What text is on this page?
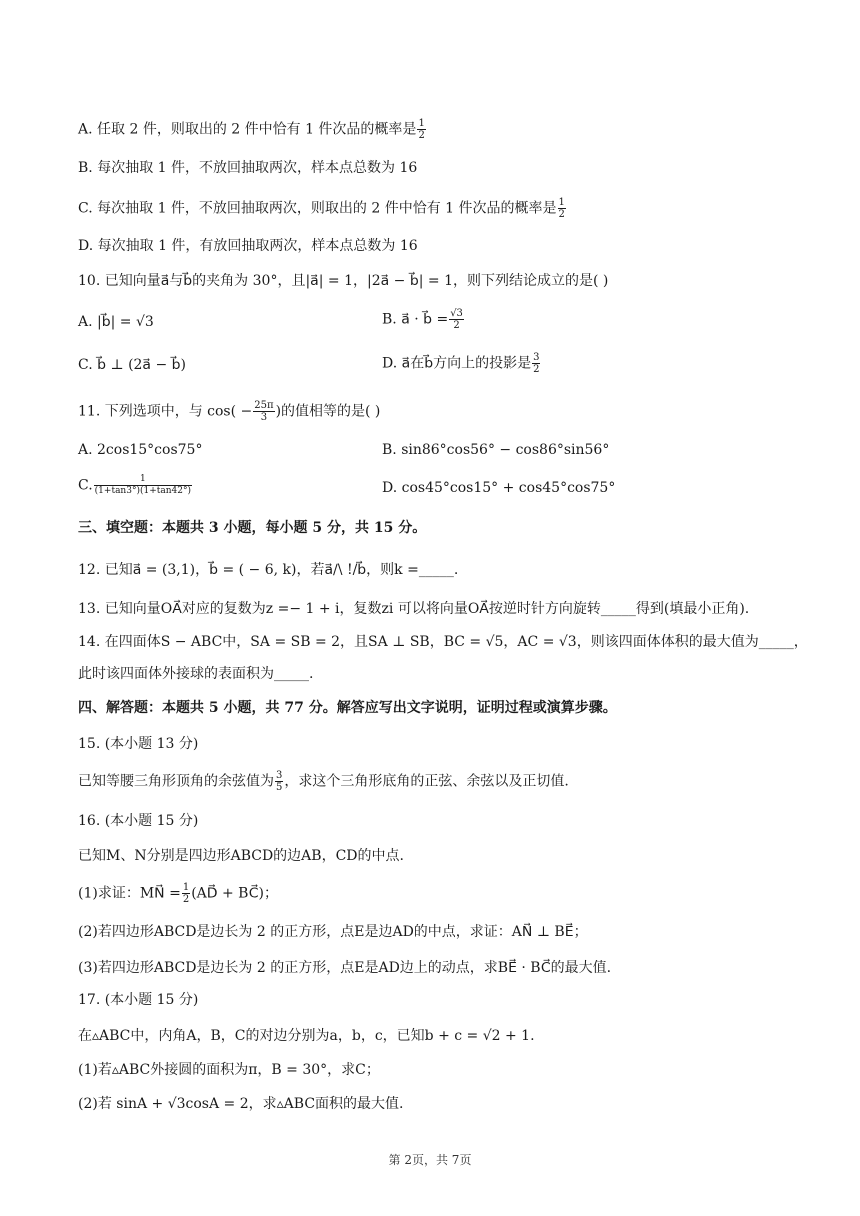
A. 任取 2 件，则取出的 2 件中恰有 1 件次品的概率是 $\frac{1}{2}$
B. 每次抽取 1 件，不放回抽取两次，样本点总数为 16
C. 每次抽取 1 件，不放回抽取两次，则取出的 2 件中恰有 1 件次品的概率是 $\frac{1}{2}$
D. 每次抽取 1 件，有放回抽取两次，样本点总数为 16
10. 已知向量a⃗与b⃗的夹角为 30°，且|a⃗| = 1，|2a⃗ − b⃗| = 1，则下列结论成立的是( )
A. |b⃗| = √3	B. a⃗ · b⃗ = $\frac{√3}{2}$
C. b⃗ ⊥ (2a⃗ − b⃗)	D. a⃗在b⃗方向上的投影是 $\frac{3}{2}$
11. 下列选项中，与 $\cos( - \frac{25\pi}{3}$ )的值相等的是( )
A. 2cos15°cos75°	B. sin86°cos56° − cos86°sin56°
C. $\frac{1}{(1+\tan 3^\circ)(1+\tan 42^\circ)}$	D. cos45°cos15° + cos45°cos75°
三、填空题：本题共 3 小题，每小题 5 分，共 15 分。
12. 已知a⃗ = (3,1)，b⃗ = ( − 6, k)，若a⃗∕\ !/b⃗，则k =_____.
13. 已知向量OA⃗对应的复数为z =− 1 + i，复数zi 可以将向量OA⃗按逆时针方向旋转_____得到(填最小正角).
14. 在四面体S − ABC中，SA = SB = 2，且SA ⊥ SB，BC = √5，AC = √3，则该四面体体积的最大值为_____，
此时该四面体外接球的表面积为_____.
四、解答题：本题共 5 小题，共 77 分。解答应写出文字说明，证明过程或演算步骤。
15. (本小题 13 分)
已知等腰三角形顶角的余弦值为 $\frac{3}{5}$ ，求这个三角形底角的正弦、余弦以及正切值.
16. (本小题 15 分)
已知M、N分别是四边形ABCD的边AB，CD的中点.
(1)求证：MN⃗ = $\frac{1}{2}$ (AD⃗ + BC⃗)；
(2)若四边形ABCD是边长为 2 的正方形，点E是边AD的中点，求证：AN⃗ ⊥ BE⃗；
(3)若四边形ABCD是边长为 2 的正方形，点E是AD边上的动点，求BE⃗ · BC⃗的最大值.
17. (本小题 15 分)
在▵ABC中，内角A，B，C的对边分别为a，b，c，已知b + c = √2 + 1.
(1)若▵ABC外接圆的面积为π，B = 30°，求C；
(2)若 sinA + √3cosA = 2，求▵ABC面积的最大值.
第 2页，共 7页
